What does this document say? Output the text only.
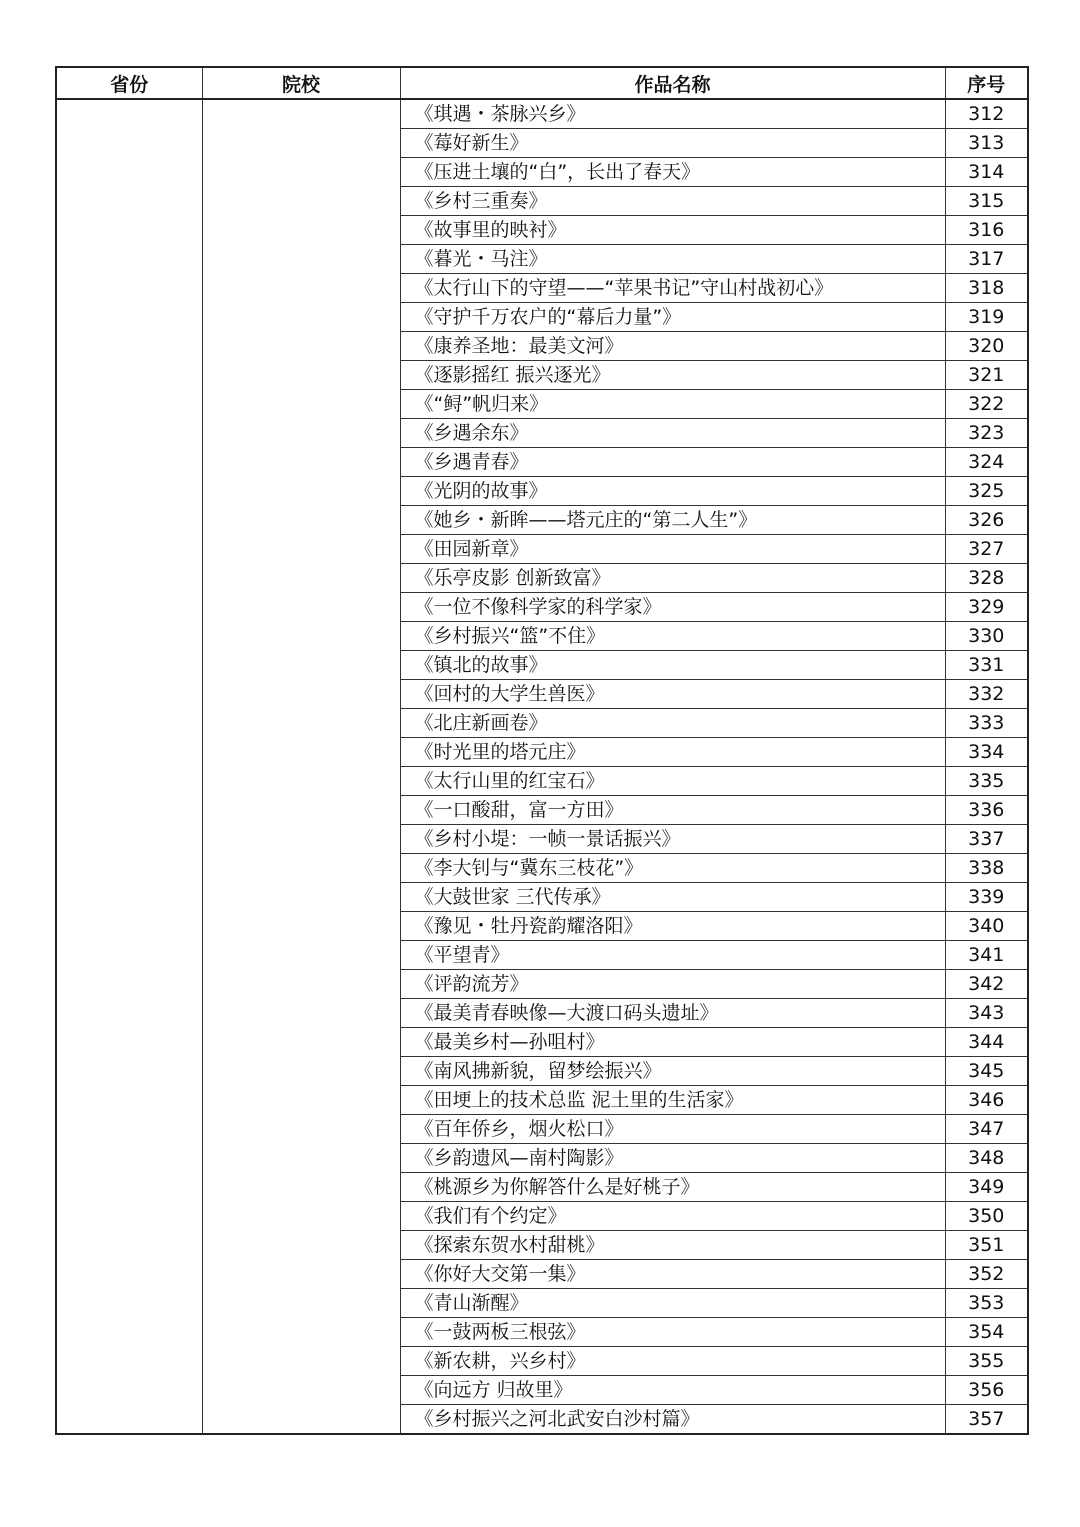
省份	院校	作品名称	序号
		《琪遇・茶脉兴乡》	312
		《莓好新生》	313
		《压进土壤的“白”，长出了春天》	314
		《乡村三重奏》	315
		《故事里的映衬》	316
		《暮光・马注》	317
		《太行山下的守望——“苹果书记”守山村战初心》	318
		《守护千万农户的“幕后力量”》	319
		《康养圣地：最美文河》	320
		《逐影摇红 振兴逐光》	321
		《“鲟”帆归来》	322
		《乡遇余东》	323
		《乡遇青春》	324
		《光阴的故事》	325
		《她乡・新眸——塔元庄的“第二人生”》	326
		《田园新章》	327
		《乐亭皮影 创新致富》	328
		《一位不像科学家的科学家》	329
		《乡村振兴“篮”不住》	330
		《镇北的故事》	331
		《回村的大学生兽医》	332
		《北庄新画卷》	333
		《时光里的塔元庄》	334
		《太行山里的红宝石》	335
		《一口酸甜，富一方田》	336
		《乡村小堤：一帧一景话振兴》	337
		《李大钊与“冀东三枝花”》	338
		《大鼓世家 三代传承》	339
		《豫见・牡丹瓷韵耀洛阳》	340
		《平望青》	341
		《评韵流芳》	342
		《最美青春映像—大渡口码头遗址》	343
		《最美乡村—孙咀村》	344
		《南风拂新貌，留梦绘振兴》	345
		《田埂上的技术总监 泥土里的生活家》	346
		《百年侨乡，烟火松口》	347
		《乡韵遗风—南村陶影》	348
		《桃源乡为你解答什么是好桃子》	349
		《我们有个约定》	350
		《探索东贺水村甜桃》	351
		《你好大交第一集》	352
		《青山渐醒》	353
		《一鼓两板三根弦》	354
		《新农耕，兴乡村》	355
		《向远方 归故里》	356
		《乡村振兴之河北武安白沙村篇》	357
